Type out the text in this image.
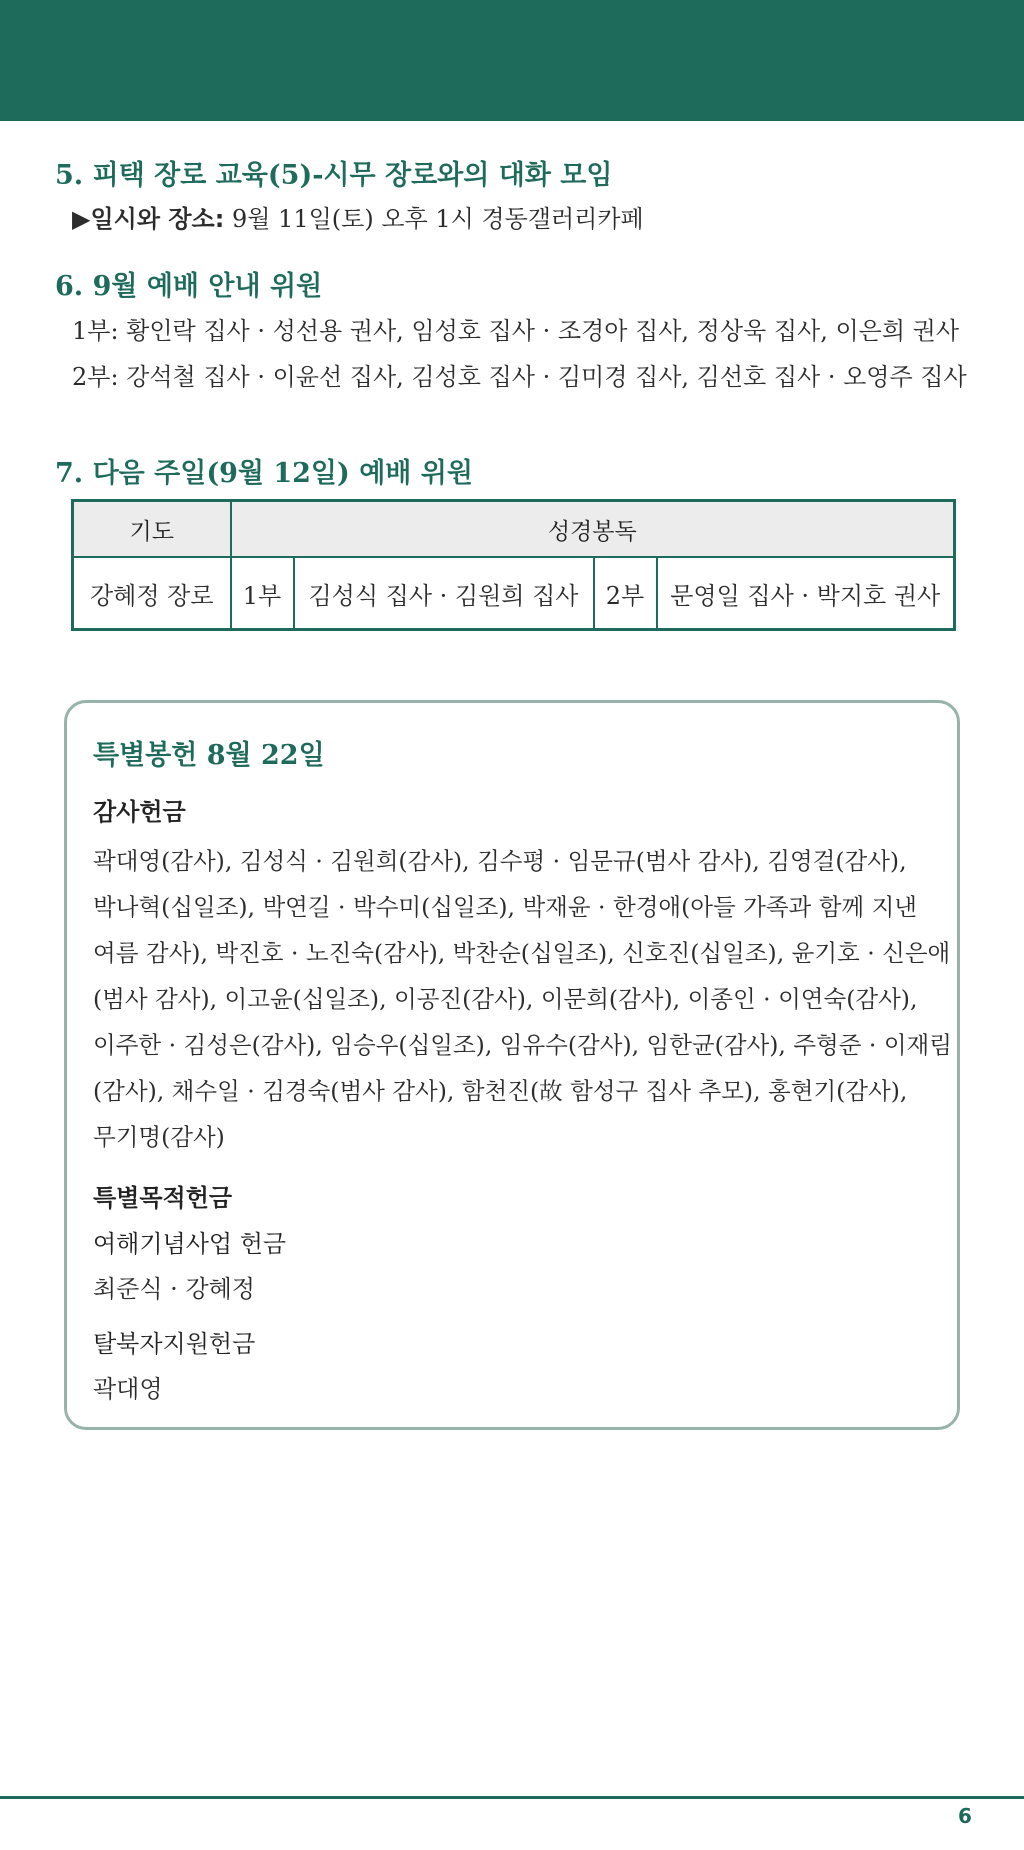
5. 피택 장로 교육(5)-시무 장로와의 대화 모임

▶일시와 장소: 9월 11일(토) 오후 1시 경동갤러리카페

6. 9월 예배 안내 위원

1부: 황인락 집사 · 성선용 권사, 임성호 집사 · 조경아 집사, 정상욱 집사, 이은희 권사

2부: 강석철 집사 · 이윤선 집사, 김성호 집사 · 김미경 집사, 김선호 집사 · 오영주 집사

7. 다음 주일(9월 12일) 예배 위원
기도	성경봉독			
강혜정 장로	1부	김성식 집사 · 김원희 집사	2부	문영일 집사 · 박지호 권사
특별봉헌 8월 22일

감사헌금

곽대영(감사), 김성식 · 김원희(감사), 김수평 · 임문규(범사 감사), 김영걸(감사),
박나혁(십일조), 박연길 · 박수미(십일조), 박재윤 · 한경애(아들 가족과 함께 지낸
여름 감사), 박진호 · 노진숙(감사), 박찬순(십일조), 신호진(십일조), 윤기호 · 신은애
(범사 감사), 이고윤(십일조), 이공진(감사), 이문희(감사), 이종인 · 이연숙(감사),
이주한 · 김성은(감사), 임승우(십일조), 임유수(감사), 임한균(감사), 주형준 · 이재림
(감사), 채수일 · 김경숙(범사 감사), 함천진(故 함성구 집사 추모), 홍현기(감사),
무기명(감사)

특별목적헌금

여해기념사업 헌금

최준식 · 강혜정

탈북자지원헌금

곽대영

6
